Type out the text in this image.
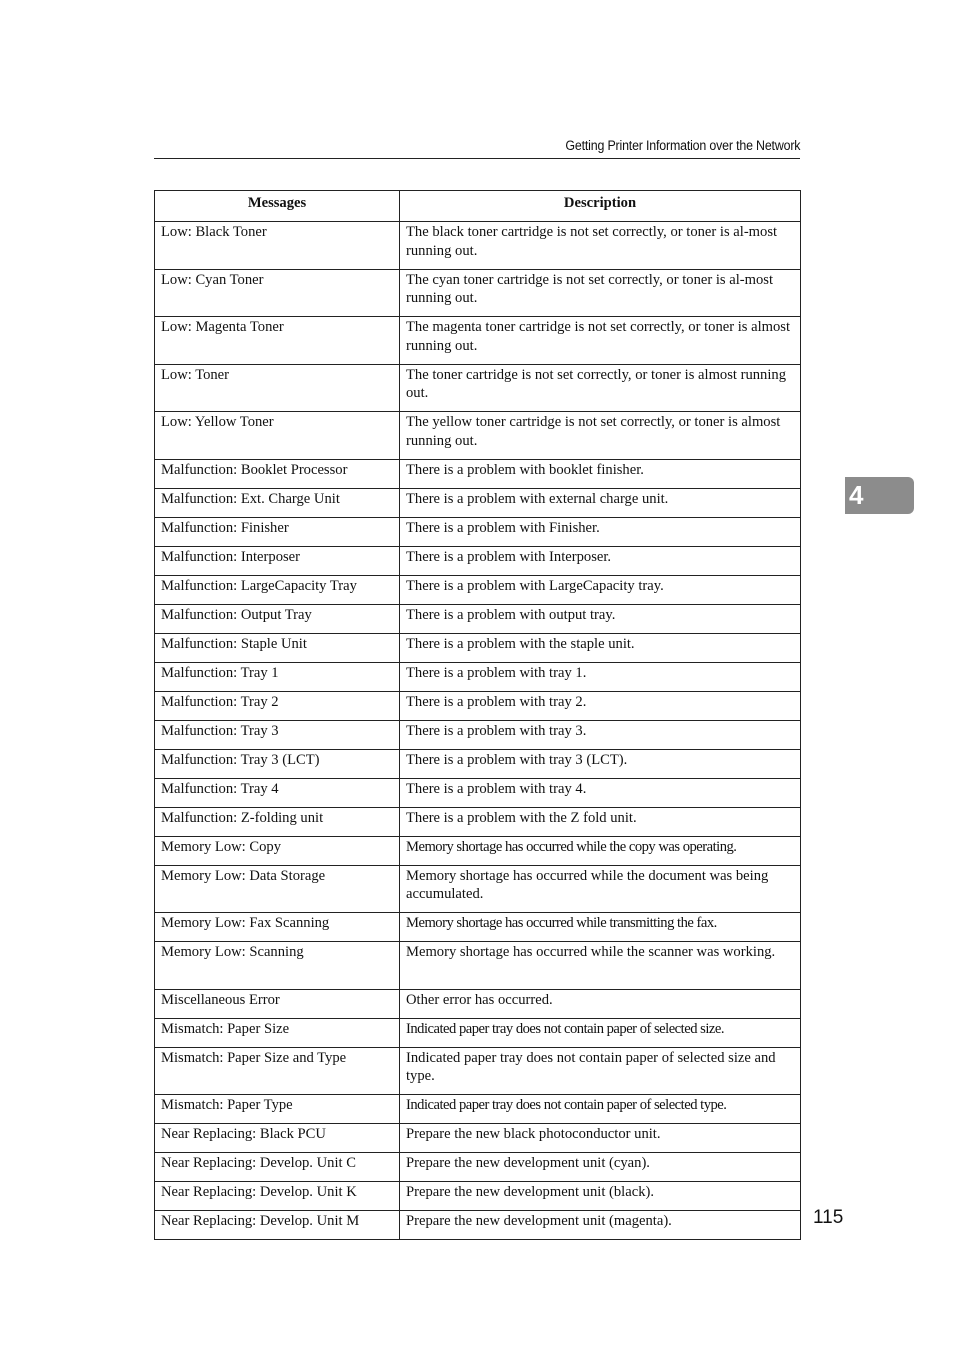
Getting Printer Information over the Network
4
Messages	Description
Low: Black Toner	The black toner cartridge is not set correctly, or toner is al-most running out.
Low: Cyan Toner	The cyan toner cartridge is not set correctly, or toner is al-most running out.
Low: Magenta Toner	The magenta toner cartridge is not set correctly, or toner is almost running out.
Low: Toner	The toner cartridge is not set correctly, or toner is almost running out.
Low: Yellow Toner	The yellow toner cartridge is not set correctly, or toner is almost running out.
Malfunction: Booklet Processor	There is a problem with booklet finisher.
Malfunction: Ext. Charge Unit	There is a problem with external charge unit.
Malfunction: Finisher	There is a problem with Finisher.
Malfunction: Interposer	There is a problem with Interposer.
Malfunction: LargeCapacity Tray	There is a problem with LargeCapacity tray.
Malfunction: Output Tray	There is a problem with output tray.
Malfunction: Staple Unit	There is a problem with the staple unit.
Malfunction: Tray 1	There is a problem with tray 1.
Malfunction: Tray 2	There is a problem with tray 2.
Malfunction: Tray 3	There is a problem with tray 3.
Malfunction: Tray 3 (LCT)	There is a problem with tray 3 (LCT).
Malfunction: Tray 4	There is a problem with tray 4.
Malfunction: Z-folding unit	There is a problem with the Z fold unit.
Memory Low: Copy	Memory shortage has occurred while the copy was operating.
Memory Low: Data Storage	Memory shortage has occurred while the document was being accumulated.
Memory Low: Fax Scanning	Memory shortage has occurred while transmitting the fax.
Memory Low: Scanning	Memory shortage has occurred while the scanner was working.
Miscellaneous Error	Other error has occurred.
Mismatch: Paper Size	Indicated paper tray does not contain paper of selected size.
Mismatch: Paper Size and Type	Indicated paper tray does not contain paper of selected size and type.
Mismatch: Paper Type	Indicated paper tray does not contain paper of selected type.
Near Replacing: Black PCU	Prepare the new black photoconductor unit.
Near Replacing: Develop. Unit C	Prepare the new development unit (cyan).
Near Replacing: Develop. Unit K	Prepare the new development unit (black).
Near Replacing: Develop. Unit M	Prepare the new development unit (magenta).	115
